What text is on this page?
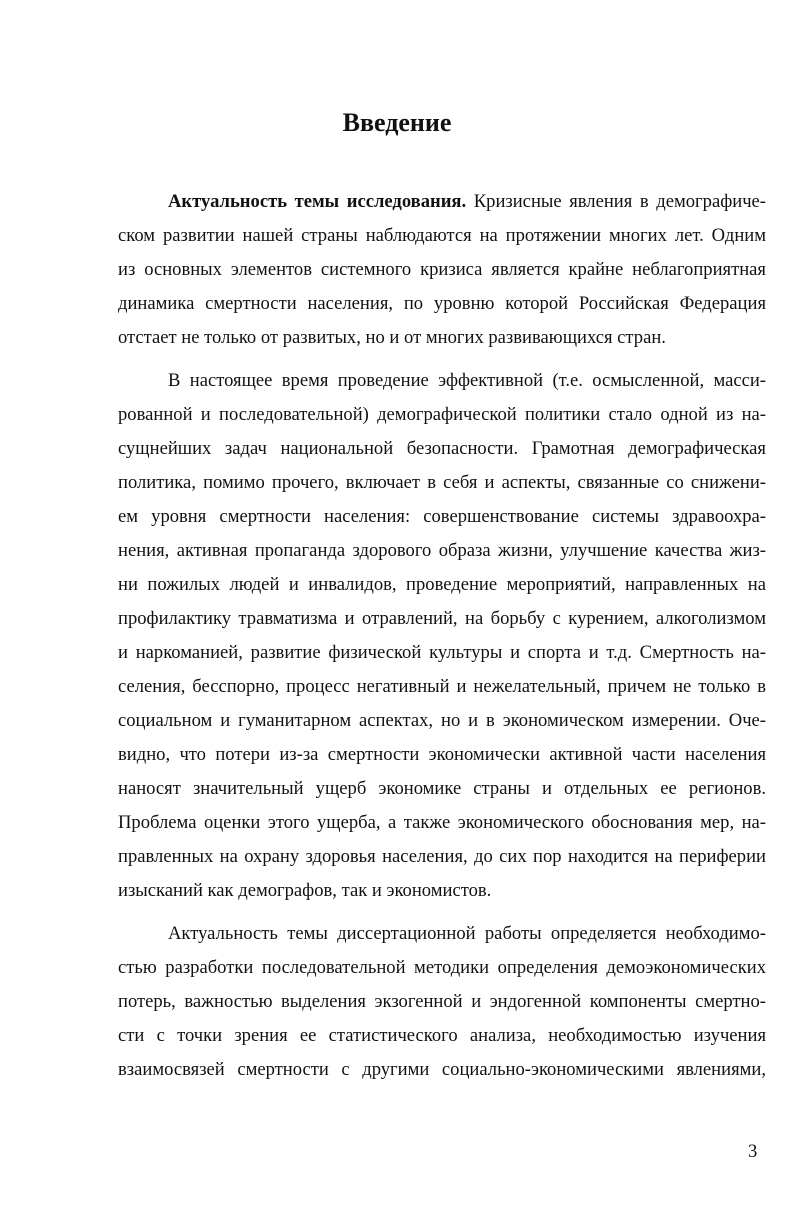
Введение
Актуальность темы исследования. Кризисные явления в демографиче-
ском развитии нашей страны наблюдаются на протяжении многих лет. Одним
из основных элементов системного кризиса является крайне неблагоприятная
динамика смертности населения, по уровню которой Российская Федерация
отстает не только от развитых, но и от многих развивающихся стран.
В настоящее время проведение эффективной (т.е. осмысленной, масси-
рованной и последовательной) демографической политики стало одной из на-
сущнейших задач национальной безопасности. Грамотная демографическая
политика, помимо прочего, включает в себя и аспекты, связанные со снижени-
ем уровня смертности населения: совершенствование системы здравоохра-
нения, активная пропаганда здорового образа жизни, улучшение качества жиз-
ни пожилых людей и инвалидов, проведение мероприятий, направленных на
профилактику травматизма и отравлений, на борьбу с курением, алкоголизмом
и наркоманией, развитие физической культуры и спорта и т.д. Смертность на-
селения, бесспорно, процесс негативный и нежелательный, причем не только в
социальном и гуманитарном аспектах, но и в экономическом измерении. Оче-
видно, что потери из-за смертности экономически активной части населения
наносят значительный ущерб экономике страны и отдельных ее регионов.
Проблема оценки этого ущерба, а также экономического обоснования мер, на-
правленных на охрану здоровья населения, до сих пор находится на периферии
изысканий как демографов, так и экономистов.
Актуальность темы диссертационной работы определяется необходимо-
стью разработки последовательной методики определения демоэкономических
потерь, важностью выделения экзогенной и эндогенной компоненты смертно-
сти с точки зрения ее статистического анализа, необходимостью изучения
взаимосвязей смертности с другими социально-экономическими явлениями,
3
